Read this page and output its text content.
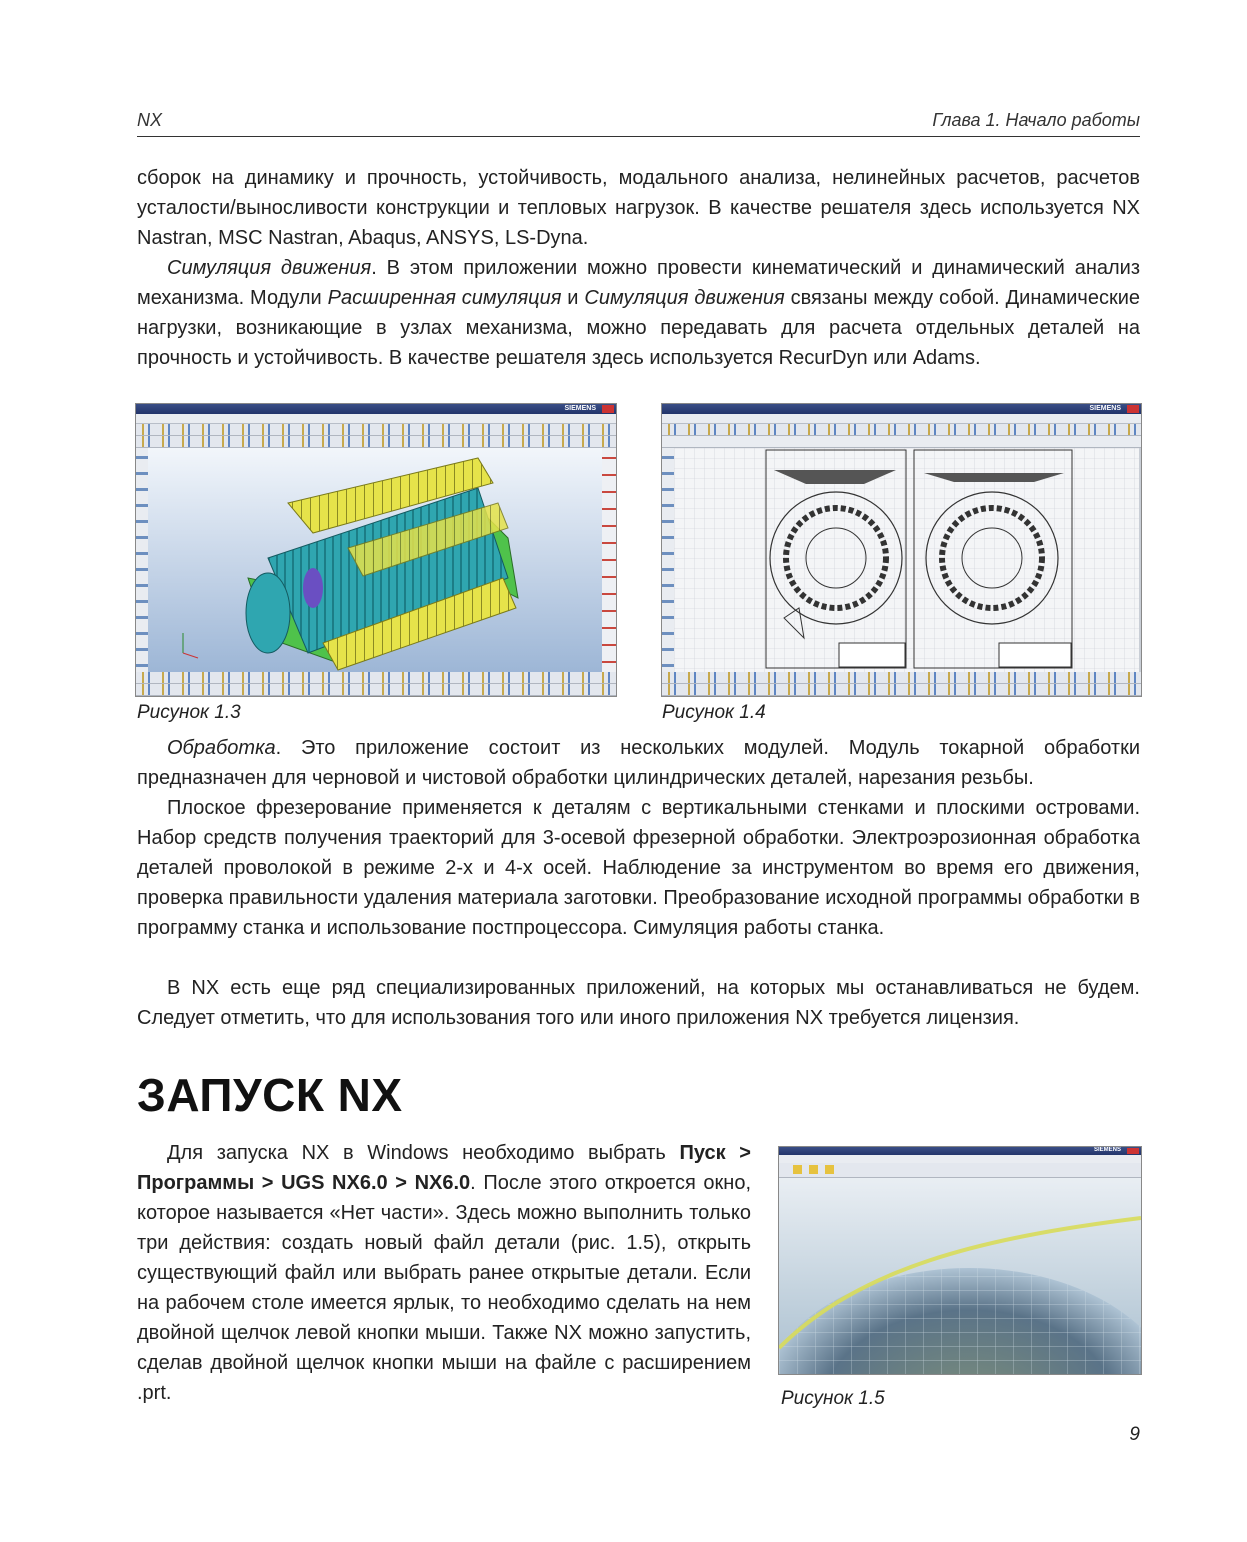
NX	Глава 1. Начало работы

сборок на динамику и прочность, устойчивость, модального анализа, нелинейных расчетов, расчетов усталости/выносливости конструкции и тепловых нагрузок. В качестве решателя здесь используется NX Nastran, MSC Nastran, Abaqus, ANSYS, LS-Dyna.

Симуляция движения. В этом приложении можно провести кинематический и динамический анализ механизма. Модули Расширенная симуляция и Симуляция движения связаны между собой. Динамические нагрузки, возникающие в узлах механизма, можно передавать для расчета отдельных деталей на прочность и устойчивость. В качестве решателя здесь используется RecurDyn или Adams.

SIEMENS

Рисунок 1.3

SIEMENS

Рисунок 1.4

Обработка. Это приложение состоит из нескольких модулей. Модуль токарной обработки предназначен для черновой и чистовой обработки цилиндрических деталей, нарезания резьбы.

Плоское фрезерование применяется к деталям с вертикальными стенками и плоскими островами. Набор средств получения траекторий для 3-осевой фрезерной обработки. Электроэрозионная обработка деталей проволокой в режиме 2-х и 4-х осей. Наблюдение за инструментом во время его движения, проверка правильности удаления материала заготовки. Преобразование исходной программы обработки в программу станка и использование постпроцессора. Симуляция работы станка.

В NX есть еще ряд специализированных приложений, на которых мы останавливаться не будем. Следует отметить, что для использования того или иного приложения NX требуется лицензия.

ЗАПУСК NX

Для запуска NX в Windows необходимо выбрать Пуск > Программы > UGS NX6.0 > NX6.0. После этого откроется окно, которое называется «Нет части». Здесь можно выполнить только три действия: создать новый файл детали (рис. 1.5), открыть существующий файл или выбрать ранее открытые детали. Если на рабочем столе имеется ярлык, то необходимо сделать на нем двойной щелчок левой кнопки мыши. Также NX можно запустить, сделав двойной щелчок кнопки мыши на файле с расширением .prt.

SIEMENS

Рисунок 1.5

9
